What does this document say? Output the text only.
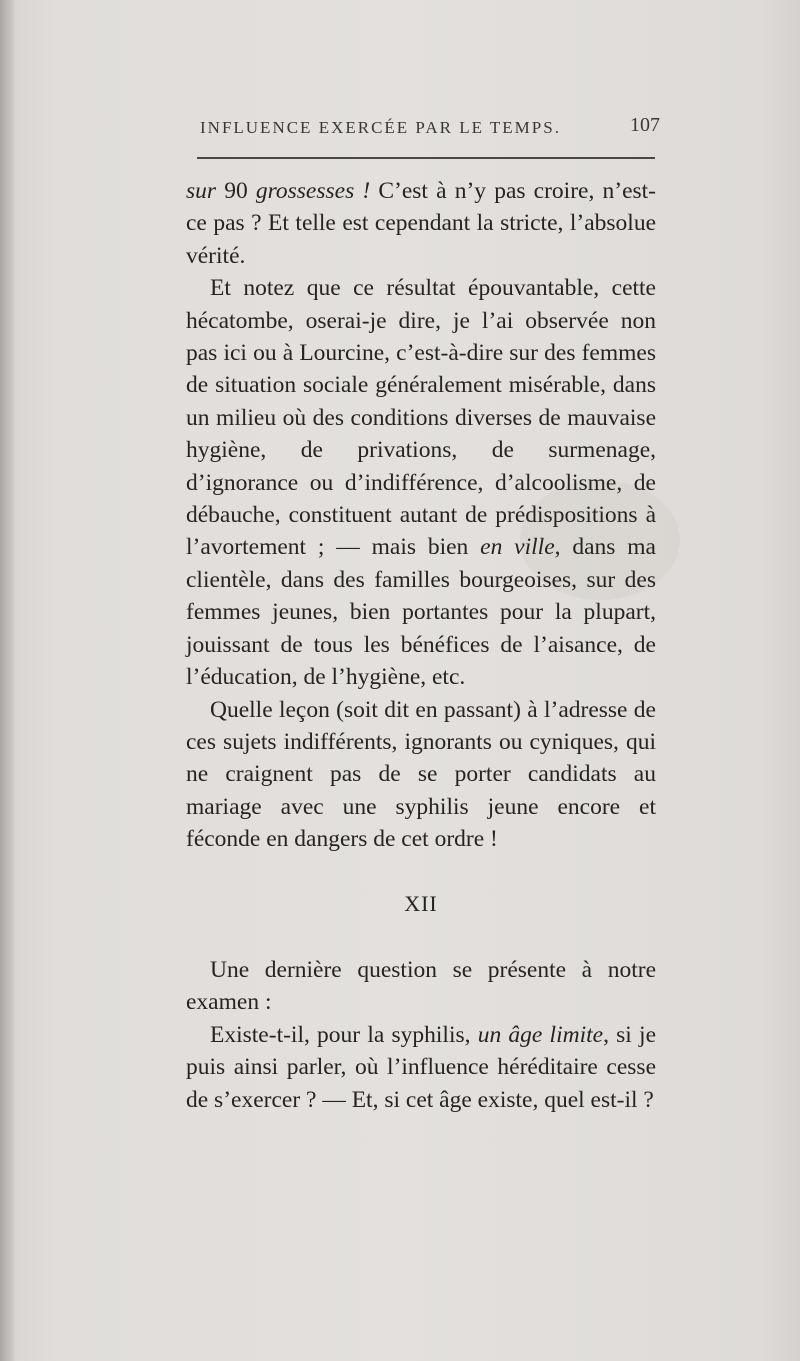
INFLUENCE EXERCÉE PAR LE TEMPS.	107

sur 90 grossesses ! C’est à n’y pas croire, n’est-ce pas ? Et telle est cependant la stricte, l’absolue vérité.

Et notez que ce résultat épouvantable, cette hécatombe, oserai-je dire, je l’ai observée non pas ici ou à Lourcine, c’est-à-dire sur des femmes de situation sociale généralement misérable, dans un milieu où des conditions diverses de mauvaise hygiène, de privations, de surmenage, d’ignorance ou d’indifférence, d’alcoolisme, de débauche, constituent autant de prédispositions à l’avortement ; — mais bien en ville, dans ma clientèle, dans des familles bourgeoises, sur des femmes jeunes, bien portantes pour la plupart, jouissant de tous les bénéfices de l’aisance, de l’éducation, de l’hygiène, etc.

Quelle leçon (soit dit en passant) à l’adresse de ces sujets indifférents, ignorants ou cyniques, qui ne craignent pas de se porter candidats au mariage avec une syphilis jeune encore et féconde en dangers de cet ordre !

XII

Une dernière question se présente à notre examen :

Existe-t-il, pour la syphilis, un âge limite, si je puis ainsi parler, où l’influence héréditaire cesse de s’exercer ? — Et, si cet âge existe, quel est-il ?
